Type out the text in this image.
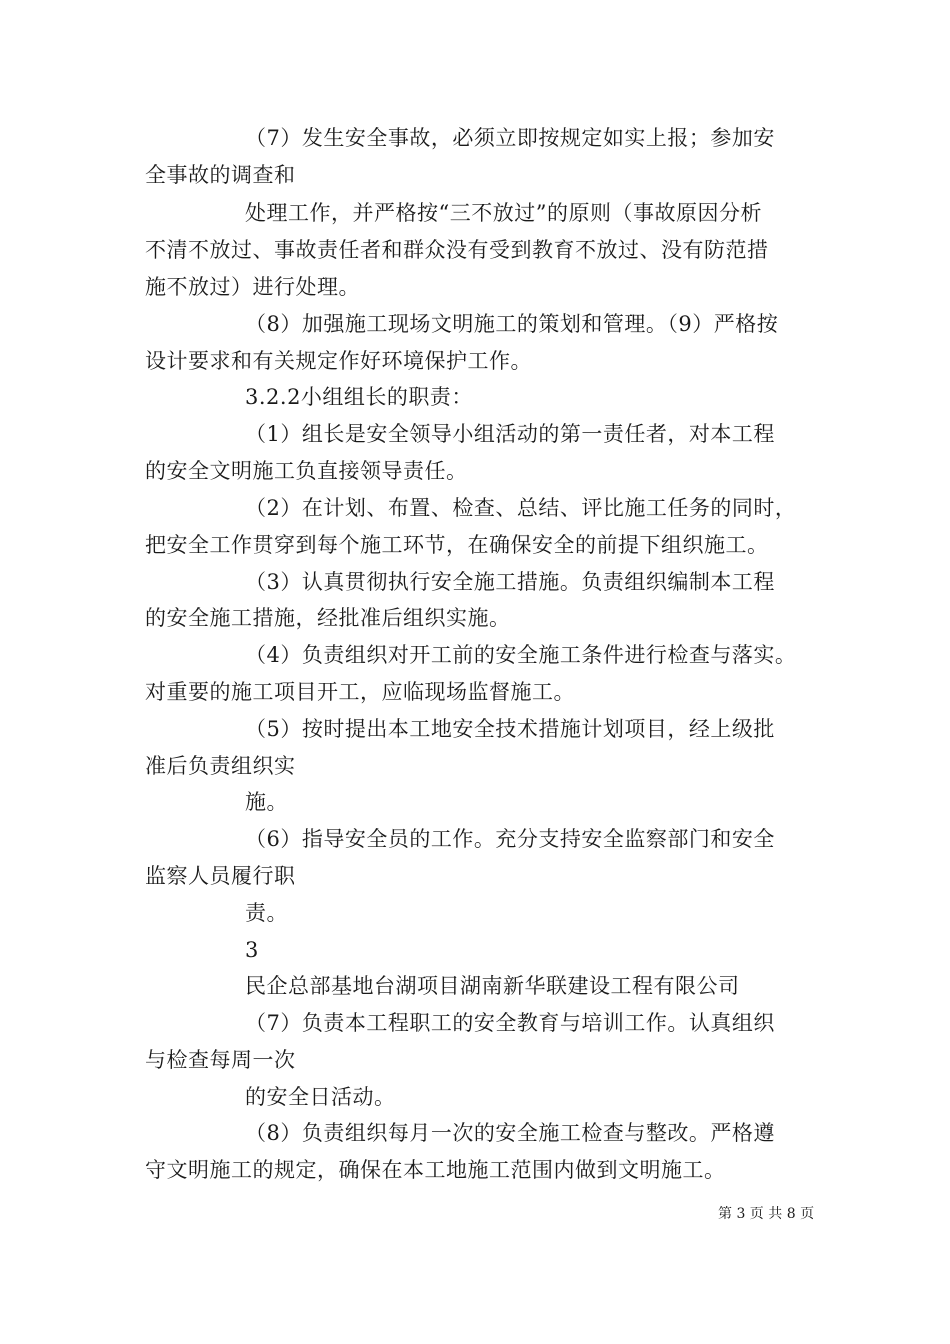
（7）发生安全事故，必须立即按规定如实上报；参加安
全事故的调查和
处理工作，并严格按“三不放过”的原则（事故原因分析
不清不放过、事故责任者和群众没有受到教育不放过、没有防范措
施不放过）进行处理。
（8）加强施工现场文明施工的策划和管理。（9）严格按
设计要求和有关规定作好环境保护工作。
3.2.2小组组长的职责：
（1）组长是安全领导小组活动的第一责任者，对本工程
的安全文明施工负直接领导责任。
（2）在计划、布置、检查、总结、评比施工任务的同时，
把安全工作贯穿到每个施工环节，在确保安全的前提下组织施工。
（3）认真贯彻执行安全施工措施。负责组织编制本工程
的安全施工措施，经批准后组织实施。
（4）负责组织对开工前的安全施工条件进行检查与落实。
对重要的施工项目开工，应临现场监督施工。
（5）按时提出本工地安全技术措施计划项目，经上级批
准后负责组织实
施。
（6）指导安全员的工作。充分支持安全监察部门和安全
监察人员履行职
责。
3
民企总部基地台湖项目湖南新华联建设工程有限公司
（7）负责本工程职工的安全教育与培训工作。认真组织
与检查每周一次
的安全日活动。
（8）负责组织每月一次的安全施工检查与整改。严格遵
守文明施工的规定，确保在本工地施工范围内做到文明施工。
第 3 页 共 8 页
